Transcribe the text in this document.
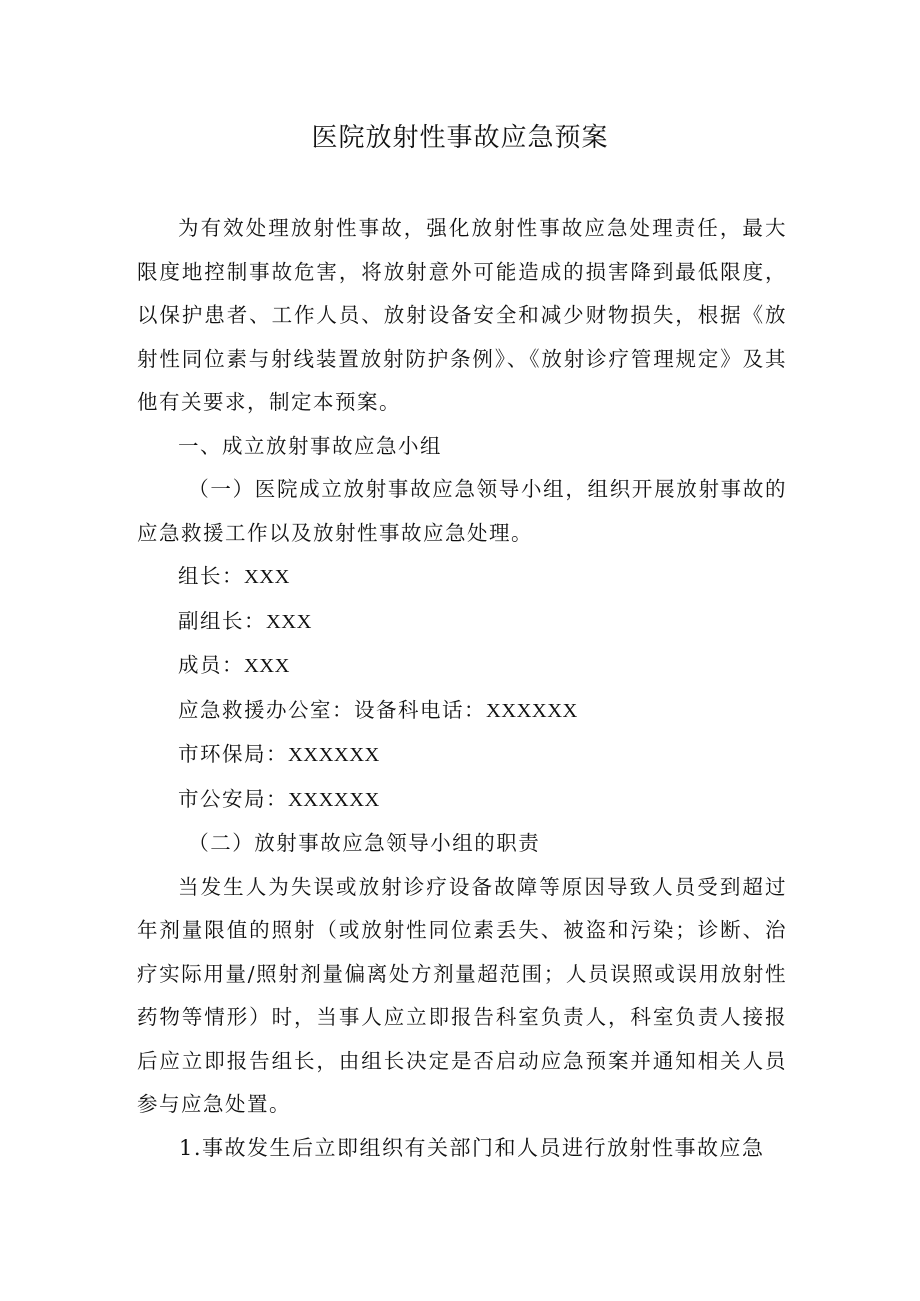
医院放射性事故应急预案

为有效处理放射性事故，强化放射性事故应急处理责任，最大限度地控制事故危害，将放射意外可能造成的损害降到最低限度，以保护患者、工作人员、放射设备安全和减少财物损失，根据《放射性同位素与射线装置放射防护条例》、《放射诊疗管理规定》及其他有关要求，制定本预案。

一、成立放射事故应急小组

（一）医院成立放射事故应急领导小组，组织开展放射事故的应急救援工作以及放射性事故应急处理。

组长：XXX

副组长：XXX

成员：XXX

应急救援办公室：设备科电话：XXXXXX

市环保局：XXXXXX

市公安局：XXXXXX

（二）放射事故应急领导小组的职责

当发生人为失误或放射诊疗设备故障等原因导致人员受到超过年剂量限值的照射（或放射性同位素丢失、被盗和污染；诊断、治疗实际用量/照射剂量偏离处方剂量超范围；人员误照或误用放射性药物等情形）时，当事人应立即报告科室负责人，科室负责人接报后应立即报告组长，由组长决定是否启动应急预案并通知相关人员参与应急处置。

1.事故发生后立即组织有关部门和人员进行放射性事故应急
